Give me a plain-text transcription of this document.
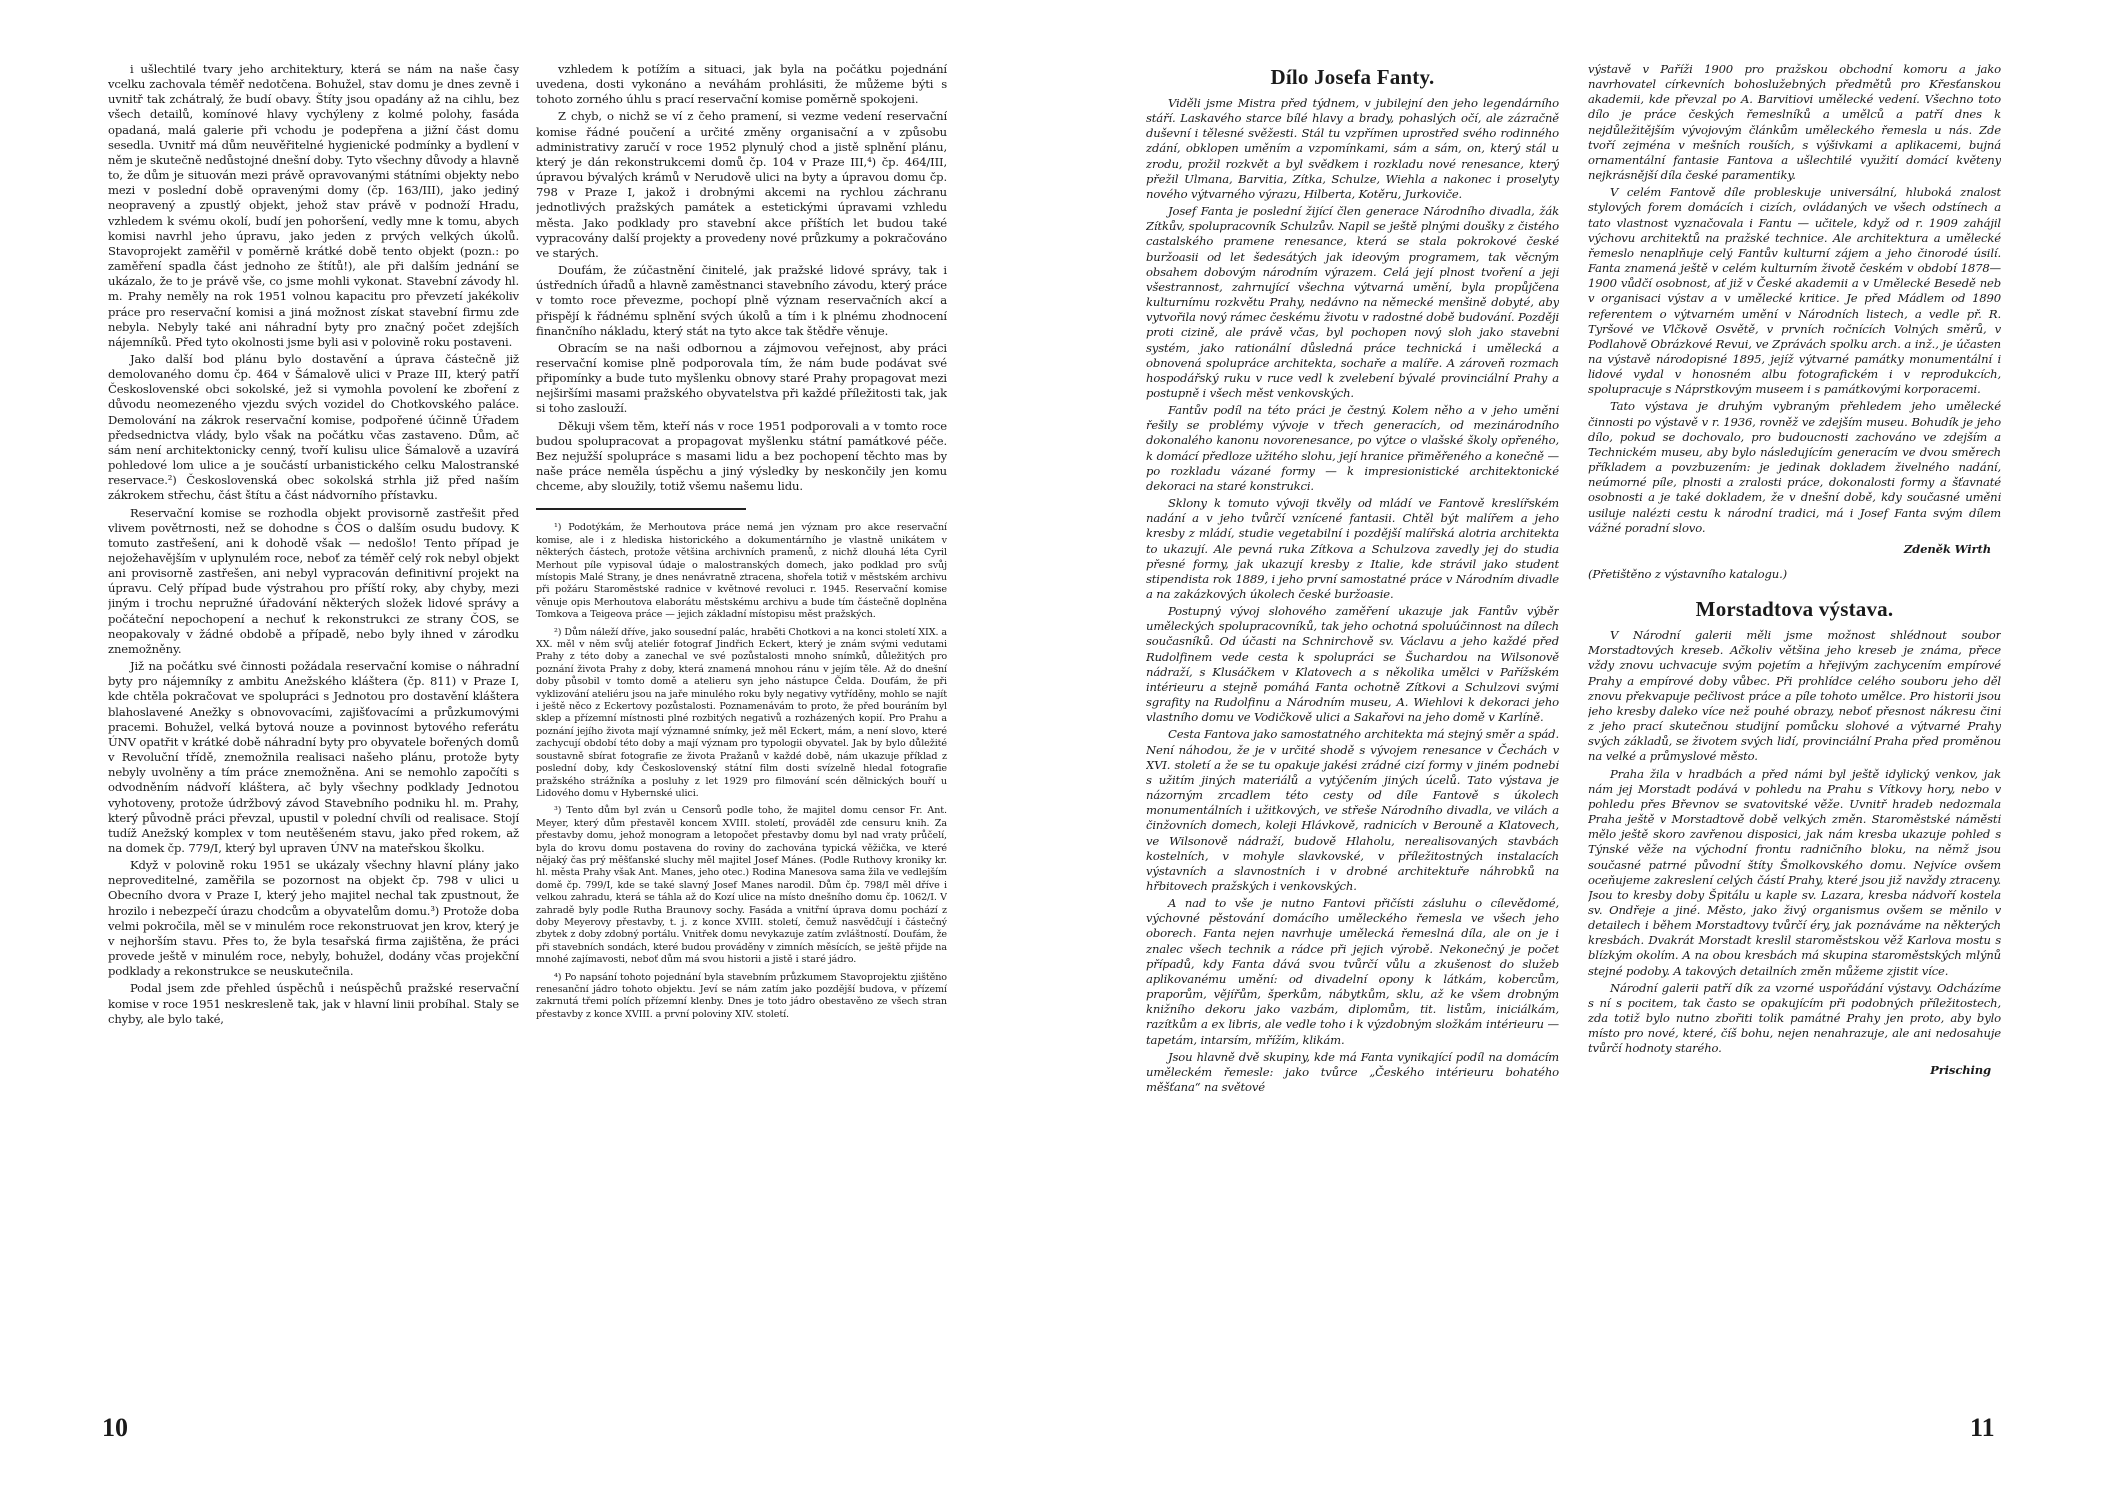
i ušlechtilé tvary jeho architektury, která se nám na naše časy vcelku zachovala téměř nedotčena. Bohužel, stav domu je dnes zevně i uvnitř tak zchátralý, že budí obavy. Štíty jsou opadány až na cihlu, bez všech detailů, komínové hlavy vychýleny z kolmé polohy, fasáda opadaná, malá galerie při vchodu je podepřena a jižní část domu sesedla. Uvnitř má dům neuvěřitelné hygienické podmínky a bydlení v něm je skutečně nedůstojné dnešní doby. Tyto všechny důvody a hlavně to, že dům je situován mezi právě opravovanými státními objekty nebo mezi v poslední době opravenými domy (čp. 163/III), jako jediný neopravený a zpustlý objekt, jehož stav právě v podnoží Hradu, vzhledem k svému okolí, budí jen pohoršení, vedly mne k tomu, abych komisi navrhl jeho úpravu, jako jeden z prvých velkých úkolů. Stavoprojekt zaměřil v poměrně krátké době tento objekt (pozn.: po zaměření spadla část jednoho ze štítů!), ale při dalším jednání se ukázalo, že to je právě vše, co jsme mohli vykonat. Stavební závody hl. m. Prahy neměly na rok 1951 volnou kapacitu pro převzetí jakékoliv práce pro reservační komisi a jiná možnost získat stavební firmu zde nebyla. Nebyly také ani náhradní byty pro značný počet zdejších nájemníků. Před tyto okolnosti jsme byli asi v polovině roku postaveni.

Jako další bod plánu bylo dostavění a úprava částečně již demolovaného domu čp. 464 v Šámalově ulici v Praze III, který patří Československé obci sokolské, jež si vymohla povolení ke zboření z důvodu neomezeného vjezdu svých vozidel do Chotkovského paláce. Demolování na zákrok reservační komise, podpořené účinně Úřadem předsednictva vlády, bylo však na počátku včas zastaveno. Dům, ač sám není architektonicky cenný, tvoří kulisu ulice Šámalově a uzavírá pohledové lom ulice a je součástí urbanistického celku Malostranské reservace.²) Československá obec sokolská strhla již před naším zákrokem střechu, část štítu a část nádvorního přístavku.

Reservační komise se rozhodla objekt provisorně zastřešit před vlivem povětrnosti, než se dohodne s ČOS o dalším osudu budovy. K tomuto zastřešení, ani k dohodě však — nedošlo! Tento případ je nejožehavějším v uplynulém roce, neboť za téměř celý rok nebyl objekt ani provisorně zastřešen, ani nebyl vypracován definitivní projekt na úpravu. Celý případ bude výstrahou pro příští roky, aby chyby, mezi jiným i trochu nepružné úřadování některých složek lidové správy a počáteční nepochopení a nechuť k rekonstrukci ze strany ČOS, se neopakovaly v žádné obdobě a případě, nebo byly ihned v zárodku znemožněny.

Již na počátku své činnosti požádala reservační komise o náhradní byty pro nájemníky z ambitu Anežského kláštera (čp. 811) v Praze I, kde chtěla pokračovat ve spolupráci s Jednotou pro dostavění kláštera blahoslavené Anežky s obnovovacími, zajišťovacími a průzkumovými pracemi. Bohužel, velká bytová nouze a povinnost bytového referátu ÚNV opatřit v krátké době náhradní byty pro obyvatele bořených domů v Revoluční třídě, znemožnila realisaci našeho plánu, protože byty nebyly uvolněny a tím práce znemožněna. Ani se nemohlo započíti s odvodněním nádvoří kláštera, ač byly všechny podklady Jednotou vyhotoveny, protože údržbový závod Stavebního podniku hl. m. Prahy, který původně práci převzal, upustil v polední chvíli od realisace. Stojí tudíž Anežský komplex v tom neutěšeném stavu, jako před rokem, až na domek čp. 779/I, který byl upraven ÚNV na mateřskou školku.

Když v polovině roku 1951 se ukázaly všechny hlavní plány jako neproveditelné, zaměřila se pozornost na objekt čp. 798 v ulici u Obecního dvora v Praze I, který jeho majitel nechal tak zpustnout, že hrozilo i nebezpečí úrazu chodcům a obyvatelům domu.³) Protože doba velmi pokročila, měl se v minulém roce rekonstruovat jen krov, který je v nejhorším stavu. Přes to, že byla tesařská firma zajištěna, že práci provede ještě v minulém roce, nebyly, bohužel, dodány včas projekční podklady a rekonstrukce se neuskutečnila.

Podal jsem zde přehled úspěchů i neúspěchů pražské reservační komise v roce 1951 neskresleně tak, jak v hlavní linii probíhal. Staly se chyby, ale bylo také,

vzhledem k potížím a situaci, jak byla na počátku pojednání uvedena, dosti vykonáno a neváhám prohlásiti, že můžeme býti s tohoto zorného úhlu s prací reservační komise poměrně spokojeni.

Z chyb, o nichž se ví z čeho pramení, si vezme vedení reservační komise řádné poučení a určité změny organisační a v způsobu administrativy zaručí v roce 1952 plynulý chod a jistě splnění plánu, který je dán rekonstrukcemi domů čp. 104 v Praze III,⁴) čp. 464/III, úpravou bývalých krámů v Nerudově ulici na byty a úpravou domu čp. 798 v Praze I, jakož i drobnými akcemi na rychlou záchranu jednotlivých pražských památek a estetickými úpravami vzhledu města. Jako podklady pro stavební akce příštích let budou také vypracovány další projekty a provedeny nové průzkumy a pokračováno ve starých.

Doufám, že zúčastnění činitelé, jak pražské lidové správy, tak i ústředních úřadů a hlavně zaměstnanci stavebního závodu, který práce v tomto roce převezme, pochopí plně význam reservačních akcí a přispějí k řádnému splnění svých úkolů a tím i k plnému zhodnocení finančního nákladu, který stát na tyto akce tak štědře věnuje.

Obracím se na naši odbornou a zájmovou veřejnost, aby práci reservační komise plně podporovala tím, že nám bude podávat své připomínky a bude tuto myšlenku obnovy staré Prahy propagovat mezi nejširšími masami pražského obyvatelstva při každé příležitosti tak, jak si toho zaslouží.

Děkuji všem těm, kteří nás v roce 1951 podporovali a v tomto roce budou spolupracovat a propagovat myšlenku státní památkové péče. Bez nejužší spolupráce s masami lidu a bez pochopení těchto mas by naše práce neměla úspěchu a jiný výsledky by neskončily jen komu chceme, aby sloužily, totiž všemu našemu lidu.

¹) Podotýkám, že Merhoutova práce nemá jen význam pro akce reservační komise, ale i z hlediska historického a dokumentárního je vlastně unikátem v některých částech, protože většina archivních pramenů, z nichž dlouhá léta Cyril Merhout píle vypisoval údaje o malostranských domech, jako podklad pro svůj místopis Malé Strany, je dnes nenávratně ztracena, shořela totiž v městském archivu při požáru Staroměstské radnice v květnové revoluci r. 1945. Reservační komise věnuje opis Merhoutova elaborátu městskému archivu a bude tím částečně doplněna Tomkova a Teigeova práce — jejich základní místopisu měst pražských.

²) Dům náleží dříve, jako sousední palác, hraběti Chotkovi a na konci století XIX. a XX. měl v něm svůj ateliér fotograf Jindřich Eckert, který je znám svými vedutami Prahy z této doby a zanechal ve své pozůstalosti mnoho snímků, důležitých pro poznání života Prahy z doby, která znamená mnohou ránu v jejím těle. Až do dnešní doby působil v tomto domě a atelieru syn jeho nástupce Čelda. Doufám, že při vyklizování ateliéru jsou na jaře minulého roku byly negativy vytříděny, mohlo se najít i ještě něco z Eckertovy pozůstalosti. Poznamenávám to proto, že před bouráním byl sklep a přízemní místnosti plné rozbitých negativů a rozházených kopií. Pro Prahu a poznání jejího života mají významné snímky, jež měl Eckert, mám, a není slovo, které zachycují období této doby a mají význam pro typologii obyvatel. Jak by bylo důležité soustavně sbírat fotografie ze života Pražanů v každé době, nám ukazuje příklad z poslední doby, kdy Československý státní film dosti svízelně hledal fotografie pražského strážníka a posluhy z let 1929 pro filmování scén dělnických bouří u Lidového domu v Hybernské ulici.

³) Tento dům byl zván u Censorů podle toho, že majitel domu censor Fr. Ant. Meyer, který dům přestavěl koncem XVIII. století, prováděl zde censuru knih. Za přestavby domu, jehož monogram a letopočet přestavby domu byl nad vraty průčelí, byla do krovu domu postavena do roviny do zachována typická věžička, ve které nějaký čas prý měšťanské sluchy měl majitel Josef Mánes. (Podle Ruthovy kroniky kr. hl. města Prahy však Ant. Manes, jeho otec.) Rodina Manesova sama žila ve vedlejším domě čp. 799/I, kde se také slavný Josef Manes narodil. Dům čp. 798/I měl dříve i velkou zahradu, která se táhla až do Kozí ulice na místo dnešního domu čp. 1062/I. V zahradě byly podle Rutha Braunovy sochy. Fasáda a vnitřní úprava domu pochází z doby Meyerovy přestavby, t. j. z konce XVIII. století, čemuž nasvědčují i částečný zbytek z doby zdobný portálu. Vnitřek domu nevykazuje zatím zvláštností. Doufám, že při stavebních sondách, které budou prováděny v zimních měsících, se ještě přijde na mnohé zajímavosti, neboť dům má svou historii a jistě i staré jádro.

⁴) Po napsání tohoto pojednání byla stavebním průzkumem Stavoprojektu zjištěno renesanční jádro tohoto objektu. Jeví se nám zatím jako pozdější budova, v přízemí zakrnutá třemi polích přízemní klenby. Dnes je toto jádro obestavěno ze všech stran přestavby z konce XVIII. a první poloviny XIV. století.

10
Dílo Josefa Fanty.

Viděli jsme Mistra před týdnem, v jubilejní den jeho legendárního stáří. Laskavého starce bílé hlavy a brady, pohaslých očí, ale zázračně duševní i tělesné svěžesti. Stál tu vzpřímen uprostřed svého rodinného zdání, obklopen uměním a vzpomínkami, sám a sám, on, který stál u zrodu, prožil rozkvět a byl svědkem i rozkladu nové renesance, který přežil Ulmana, Barvitia, Zítka, Schulze, Wiehla a nakonec i proselyty nového výtvarného výrazu, Hilberta, Kotěru, Jurkoviče.

Josef Fanta je poslední žijící člen generace Národního divadla, žák Zítkův, spolupracovník Schulzův. Napil se ještě plnými doušky z čistého castalského pramene renesance, která se stala pokrokové české buržoasii od let šedesátých jak ideovým programem, tak věcným obsahem dobovým národním výrazem. Celá její plnost tvoření a její všestrannost, zahrnující všechna výtvarná umění, byla propůjčena kulturnímu rozkvětu Prahy, nedávno na německé menšině dobyté, aby vytvořila nový rámec českému životu v radostné době budování. Později proti cizině, ale právě včas, byl pochopen nový sloh jako stavební systém, jako rationální důsledná práce technická i umělecká a obnovená spolupráce architekta, sochaře a malíře. A zároveň rozmach hospodářský ruku v ruce vedl k zvelebení bývalé provinciální Prahy a postupně i všech měst venkovských.

Fantův podíl na této práci je čestný. Kolem něho a v jeho umění řešily se problémy vývoje v třech generacích, od mezinárodního dokonalého kanonu novorenesance, po výtce o vlašské školy opřeného, k domácí předloze užitého slohu, její hranice přiměřeného a konečně — po rozkladu vázané formy — k impresionistické architektonické dekoraci na staré konstrukci.

Sklony k tomuto vývoji tkvěly od mládí ve Fantově kreslířském nadání a v jeho tvůrčí vznícené fantasii. Chtěl být malířem a jeho kresby z mládí, studie vegetabilní i pozdější malířská alotria architekta to ukazují. Ale pevná ruka Zítkova a Schulzova zavedly jej do studia přesné formy, jak ukazují kresby z Italie, kde strávil jako student stipendista rok 1889, i jeho první samostatné práce v Národním divadle a na zakázkových úkolech české buržoasie.

Postupný vývoj slohového zaměření ukazuje jak Fantův výběr uměleckých spolupracovníků, tak jeho ochotná spoluúčinnost na dílech současníků. Od účasti na Schnirchově sv. Václavu a jeho každé před Rudolfinem vede cesta k spolupráci se Šuchardou na Wilsonově nádraží, s Klusáčkem v Klatovech a s několika umělci v Pařížském intérieuru a stejně pomáhá Fanta ochotně Zítkovi a Schulzovi svými sgrafity na Rudolfinu a Národním museu, A. Wiehlovi k dekoraci jeho vlastního domu ve Vodičkově ulici a Sakařovi na jeho domě v Karlíně.

Cesta Fantova jako samostatného architekta má stejný směr a spád. Není náhodou, že je v určité shodě s vývojem renesance v Čechách v XVI. století a že se tu opakuje jakési zrádné cizí formy v jiném podnebí s užitím jiných materiálů a vytýčením jiných úcelů. Tato výstava je názorným zrcadlem této cesty od díle Fantově s úkolech monumentálních i užitkových, ve střeše Národního divadla, ve vilách a činžovních domech, koleji Hlávkově, radnicích v Berouně a Klatovech, ve Wilsonově nádraží, budově Hlaholu, nerealisovaných stavbách kostelních, v mohyle slavkovské, v příležitostných instalacích výstavních a slavnostních i v drobné architektuře náhrobků na hřbitovech pražských i venkovských.

A nad to vše je nutno Fantovi přičísti zásluhu o cílevědomé, výchovné pěstování domácího uměleckého řemesla ve všech jeho oborech. Fanta nejen navrhuje umělecká řemeslná díla, ale on je i znalec všech technik a rádce při jejich výrobě. Nekonečný je počet případů, kdy Fanta dává svou tvůrčí vůlu a zkušenost do služeb aplikovanému umění: od divadelní opony k látkám, kobercům, praporům, vějířům, šperkům, nábytkům, sklu, až ke všem drobným knižního dekoru jako vazbám, diplomům, tit. listům, iniciálkám, razítkům a ex libris, ale vedle toho i k výzdobným složkám intérieuru — tapetám, intarsím, mřížím, klikám.

Jsou hlavně dvě skupiny, kde má Fanta vynikající podíl na domácím uměleckém řemesle: jako tvůrce „Českého intérieuru bohatého měšťana“ na světové

výstavě v Paříži 1900 pro pražskou obchodní komoru a jako navrhovatel církevních bohoslužebných předmětů pro Křesťanskou akademii, kde převzal po A. Barvitiovi umělecké vedení. Všechno toto dílo je práce českých řemeslníků a umělců a patří dnes k nejdůležitějším vývojovým článkům uměleckého řemesla u nás. Zde tvoří zejména v mešních rouších, s výšivkami a aplikacemi, bujná ornamentální fantasie Fantova a ušlechtilé využití domácí květeny nejkrásnější díla české paramentiky.

V celém Fantově díle probleskuje universální, hluboká znalost stylových forem domácích i cizích, ovládaných ve všech odstínech a tato vlastnost vyznačovala i Fantu — učitele, když od r. 1909 zahájil výchovu architektů na pražské technice. Ale architektura a umělecké řemeslo nenaplňuje celý Fantův kulturní zájem a jeho činorodé úsilí. Fanta znamená ještě v celém kulturním životě českém v období 1878—1900 vůdčí osobnost, ať již v České akademii a v Umělecké Besedě neb v organisaci výstav a v umělecké kritice. Je před Mádlem od 1890 referentem o výtvarném umění v Národních listech, a vedle př. R. Tyršové ve Vlčkově Osvětě, v prvních ročnících Volných směrů, v Podlahově Obrázkové Revui, ve Zprávách spolku arch. a inž., je účasten na výstavě národopisné 1895, jejíž výtvarné památky monumentální i lidové vydal v honosném albu fotografickém i v reprodukcích, spolupracuje s Náprstkovým museem i s památkovými korporacemi.

Tato výstava je druhým vybraným přehledem jeho umělecké činnosti po výstavě v r. 1936, rovněž ve zdejším museu. Bohudík je jeho dílo, pokud se dochovalo, pro budoucnosti zachováno ve zdejším a Technickém museu, aby bylo následujícím generacím ve dvou směrech příkladem a povzbuzením: je jedinak dokladem živelného nadání, neúmorné píle, plnosti a zralosti práce, dokonalosti formy a šťavnaté osobnosti a je také dokladem, že v dnešní době, kdy současné umění usiluje nalézti cestu k národní tradici, má i Josef Fanta svým dílem vážné poradní slovo.

Zdeněk Wirth

(Přetištěno z výstavního katalogu.)

Morstadtova výstava.

V Národní galerii měli jsme možnost shlédnout soubor Morstadtových kreseb. Ačkoliv většina jeho kreseb je známa, přece vždy znovu uchvacuje svým pojetím a hřejivým zachycením empírové Prahy a empírové doby vůbec. Při prohlídce celého souboru jeho děl znovu překvapuje pečlivost práce a píle tohoto umělce. Pro historii jsou jeho kresby daleko více než pouhé obrazy, neboť přesnost nákresu činí z jeho prací skutečnou studijní pomůcku slohové a výtvarné Prahy svých základů, se životem svých lidí, provinciální Praha před proměnou na velké a průmyslové město.

Praha žila v hradbách a před námi byl ještě idylický venkov, jak nám jej Morstadt podává v pohledu na Prahu s Vítkovy hory, nebo v pohledu přes Břevnov se svatovitské věže. Uvnitř hradeb nedozmala Praha ještě v Morstadtově době velkých změn. Staroměstské náměstí mělo ještě skoro zavřenou disposici, jak nám kresba ukazuje pohled s Týnské věže na východní frontu radničního bloku, na němž jsou současné patrné původní štíty Šmolkovského domu. Nejvíce ovšem oceňujeme zakreslení celých částí Prahy, které jsou již navždy ztraceny. Jsou to kresby doby Špitálu u kaple sv. Lazara, kresba nádvoří kostela sv. Ondřeje a jiné. Město, jako živý organismus ovšem se měnilo v detailech i během Morstadtovy tvůrčí éry, jak poznáváme na některých kresbách. Dvakrát Morstadt kreslil staroměstskou věž Karlova mostu s blízkým okolím. A na obou kresbách má skupina staroměstských mlýnů stejné podoby. A takových detailních změn můžeme zjistit více.

Národní galerii patří dík za vzorné uspořádání výstavy. Odcházíme s ní s pocitem, tak často se opakujícím při podobných příležitostech, zda totiž bylo nutno zbořiti tolik památné Prahy jen proto, aby bylo místo pro nové, které, číš bohu, nejen nenahrazuje, ale ani nedosahuje tvůrčí hodnoty starého.

Prisching
11
